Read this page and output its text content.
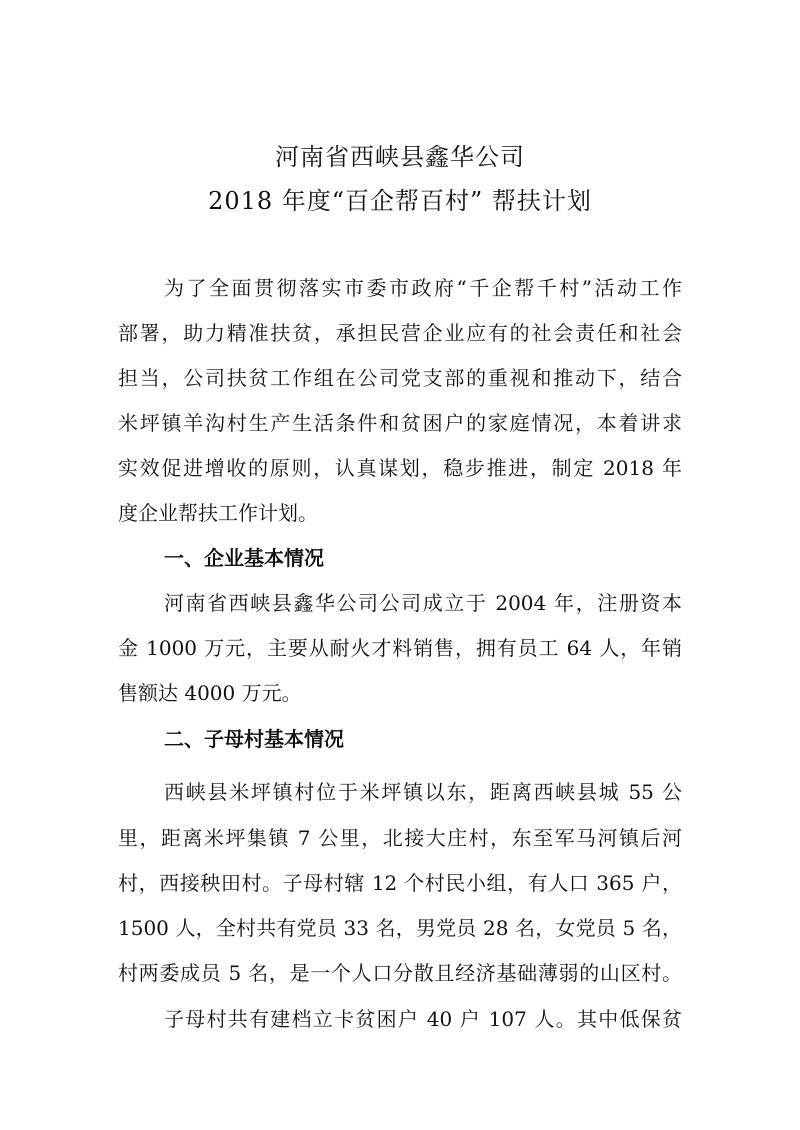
河南省西峡县鑫华公司
2018 年度“百企帮百村” 帮扶计划
为了全面贯彻落实市委市政府“千企帮千村”活动工作
部署，助力精准扶贫，承担民营企业应有的社会责任和社会
担当，公司扶贫工作组在公司党支部的重视和推动下，结合
米坪镇羊沟村生产生活条件和贫困户的家庭情况，本着讲求
实效促进增收的原则，认真谋划，稳步推进，制定 2018 年
度企业帮扶工作计划。
一、企业基本情况
河南省西峡县鑫华公司公司成立于 2004 年，注册资本
金 1000 万元，主要从耐火才料销售，拥有员工 64 人，年销
售额达 4000 万元。
二、子母村基本情况
西峡县米坪镇村位于米坪镇以东，距离西峡县城 55 公
里，距离米坪集镇 7 公里，北接大庄村，东至军马河镇后河
村，西接秧田村。子母村辖 12 个村民小组，有人口 365 户，
1500 人，全村共有党员 33 名，男党员 28 名，女党员 5 名，
村两委成员 5 名，是一个人口分散且经济基础薄弱的山区村。
子母村共有建档立卡贫困户 40 户 107 人。其中低保贫
